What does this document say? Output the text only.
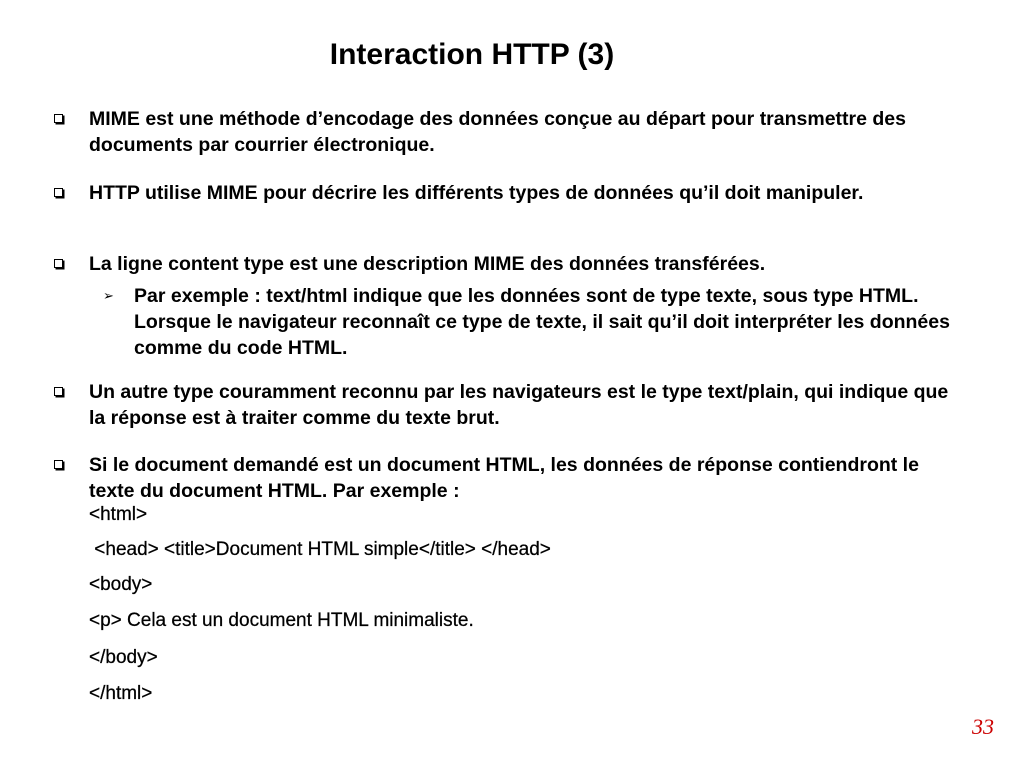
Interaction HTTP (3)
MIME est une méthode d’encodage des données conçue au départ pour transmettre des documents par courrier électronique.
HTTP utilise MIME pour décrire les différents types de données qu’il doit manipuler.
La ligne content type est une description MIME des données transférées.
➢ Par exemple : text/html indique que les données sont de type texte, sous type HTML. Lorsque le navigateur reconnaît ce type de texte, il sait qu’il doit interpréter les données comme du code HTML.
Un autre type couramment reconnu par les navigateurs est le type text/plain, qui indique que la réponse est à traiter comme du texte brut.
Si le document demandé est un document HTML, les données de réponse contiendront le texte du document HTML. Par exemple :
<html>
<head> <title>Document HTML simple</title> </head>
<body>
<p> Cela est un document HTML minimaliste.
</body>
</html>
33
